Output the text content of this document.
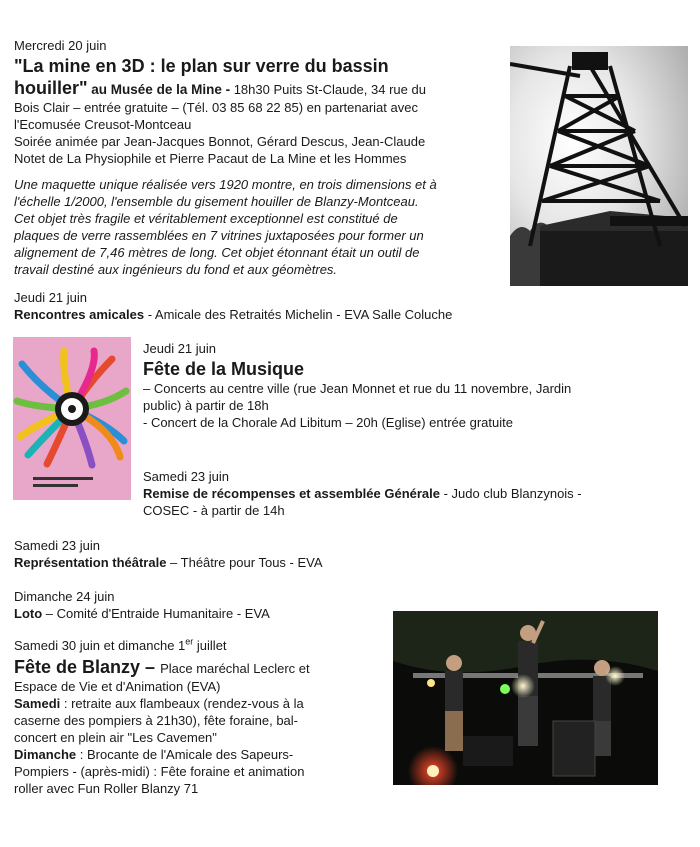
Mercredi 20 juin

"La mine en 3D : le plan sur verre du bassin

houiller" au Musée de la Mine - 18h30 Puits St-Claude, 34 rue du

Bois Clair – entrée gratuite – (Tél. 03 85 68 22 85) en partenariat avec

l'Ecomusée Creusot-Montceau

Soirée animée par Jean-Jacques Bonnot, Gérard Descus, Jean-Claude

Notet de La Physiophile et Pierre Pacaut de La Mine et les Hommes

Une maquette unique réalisée vers 1920 montre, en trois dimensions et à

l'échelle 1/2000, l'ensemble du gisement houiller de Blanzy-Montceau.

Cet objet très fragile et véritablement exceptionnel est constitué de

plaques de verre rassemblées en 7 vitrines juxtaposées pour former un

alignement de 7,46 mètres de long. Cet objet étonnant était un outil de

travail destiné aux ingénieurs du fond et aux géomètres.

Jeudi 21 juin

Rencontres amicales - Amicale des Retraités Michelin - EVA Salle Coluche

Jeudi 21 juin

Fête de la Musique

– Concerts au centre ville (rue Jean Monnet et rue du 11 novembre, Jardin

public) à partir de 18h

- Concert de la Chorale Ad Libitum – 20h (Eglise) entrée gratuite

Samedi 23 juin

Remise de récompenses et assemblée Générale - Judo club Blanzynois -

COSEC - à partir de 14h

Samedi 23 juin

Représentation théâtrale – Théâtre pour Tous - EVA

Dimanche 24 juin

Loto – Comité d'Entraide Humanitaire - EVA

Samedi 30 juin et dimanche 1er juillet

Fête de Blanzy – Place maréchal Leclerc et

Espace de Vie et d'Animation (EVA)

Samedi : retraite aux flambeaux (rendez-vous à la

caserne des pompiers à 21h30), fête foraine, bal-

concert en plein air "Les Cavemen"

Dimanche : Brocante de l'Amicale des Sapeurs-

Pompiers - (après-midi) : Fête foraine et animation

roller avec Fun Roller Blanzy 71
